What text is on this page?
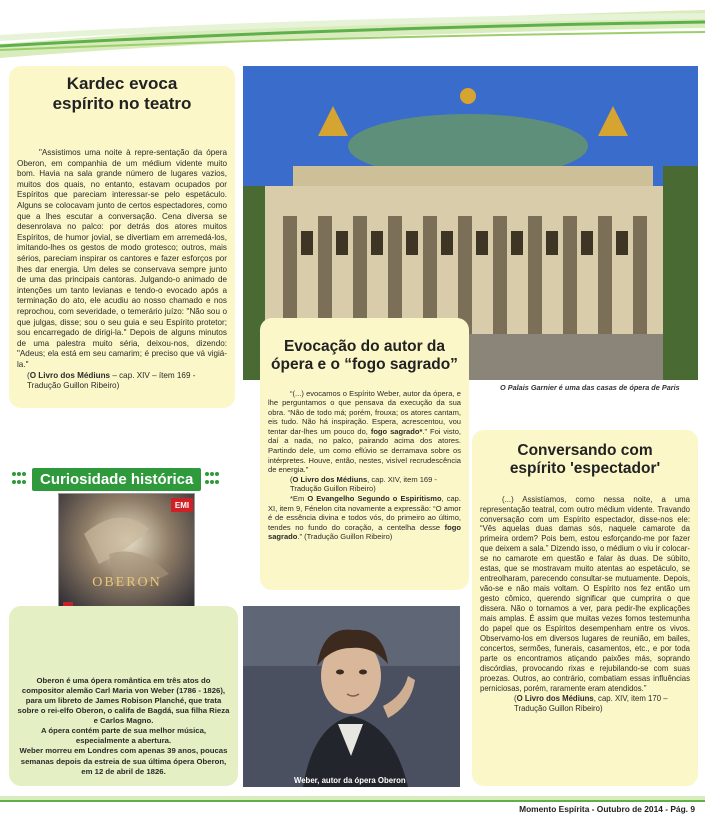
Kardec evoca
espírito no teatro

"Assistimos uma noite à repre-sentação da ópera Oberon, em companhia de um médium vidente muito bom. Havia na sala grande número de lugares vazios, muitos dos quais, no entanto, estavam ocupados por Espíritos que pareciam interessar-se pelo espetáculo. Alguns se colocavam junto de certos espectadores, como que a lhes escutar a conversação. Cena diversa se desenrolava no palco: por detrás dos atores muitos Espíritos, de humor jovial, se divertiam em arremedá-los, imitando-lhes os gestos de modo grotesco; outros, mais sérios, pareciam inspirar os cantores e fazer esforços por lhes dar energia. Um deles se conservava sempre junto de uma das principais cantoras. Julgando-o animado de intenções um tanto levianas e tendo-o evocado após a terminação do ato, ele acudiu ao nosso chamado e nos reprochou, com severidade, o temerário juízo: "Não sou o que julgas, disse; sou o seu guia e seu Espírito protetor; sou encarregado de dirigi-la." Depois de alguns minutos de uma palestra muito séria, deixou-nos, dizendo: "Adeus; ela está em seu camarim; é preciso que vá vigiá-la."

(O Livro dos Médiuns – cap. XIV – ítem 169 - Tradução Guillon Ribeiro)	O Palais Garnier é uma das casas de ópera de Paris
Evocação do autor da
ópera e o “fogo sagrado”

“(...) evocamos o Espírito Weber, autor da ópera, e lhe perguntamos o que pensava da execução da sua obra. “Não de todo má; porém, frouxa; os atores cantam, eis tudo. Não há inspiração. Espera, acrescentou, vou tentar dar-lhes um pouco do, fogo sagrado*.” Foi visto, daí a nada, no palco, pairando acima dos atores. Partindo dele, um como eflúvio se derramava sobre os intérpretes. Houve, então, nestes, visível recrudescência de energia.”

(O Livro dos Médiuns, cap. XIV, item 169 - Tradução Guillon Ribeiro)

*Em O Evangelho Segundo o Espiritismo, cap. XI, item 9, Fénelon cita novamente a expressão: “O amor é de essência divina e todos vós, do primeiro ao último, tendes no fundo do coração, a centelha desse fogo sagrado.” (Tradução Guillon Ribeiro)

Conversando com
espírito 'espectador'

(...) Assistíamos, como nessa noite, a uma representação teatral, com outro médium vidente. Travando conversação com um Espírito espectador, disse-nos ele: “Vês aquelas duas damas sós, naquele camarote da primeira ordem? Pois bem, estou esforçando-me por fazer que deixem a sala.” Dizendo isso, o médium o viu ir colocar-se no camarote em questão e falar às duas. De súbito, estas, que se mostravam muito atentas ao espetáculo, se entreolharam, parecendo consultar-se mutuamente. Depois, vão-se e não mais voltam. O Espírito nos fez então um gesto cômico, querendo significar que cumprira o que dissera. Não o tornamos a ver, para pedir-lhe explicações mais amplas. É assim que muitas vezes fomos testemunha do papel que os Espíritos desempenham entre os vivos. Observamo-los em diversos lugares de reunião, em bailes, concertos, sermões, funerais, casamentos, etc., e por toda parte os encontramos atiçando paixões más, soprando discórdias, provocando rixas e rejubilando-se com suas proezas. Outros, ao contrário, combatiam essas influências perniciosas, porém, raramente eram atendidos.”

(O Livro dos Médiuns, cap. XIV, item 170 – Tradução Guillon Ribeiro)

Curiosidade histórica
EMI
OBERON
Oberon é uma ópera romântica em três atos do compositor alemão Carl Maria von Weber (1786 - 1826), para um libreto de James Robison Planché, que trata sobre o rei-elfo Oberon, o califa de Bagdá, sua filha Rieza e Carlos Magno.
A ópera contém parte de sua melhor música, especialmente a abertura.
Weber morreu em Londres com apenas 39 anos, poucas semanas depois da estreia de sua última ópera Oberon, em 12 de abril de 1826.
Weber, autor da ópera Oberon
Momento Espírita - Outubro de 2014 - Pág. 9
